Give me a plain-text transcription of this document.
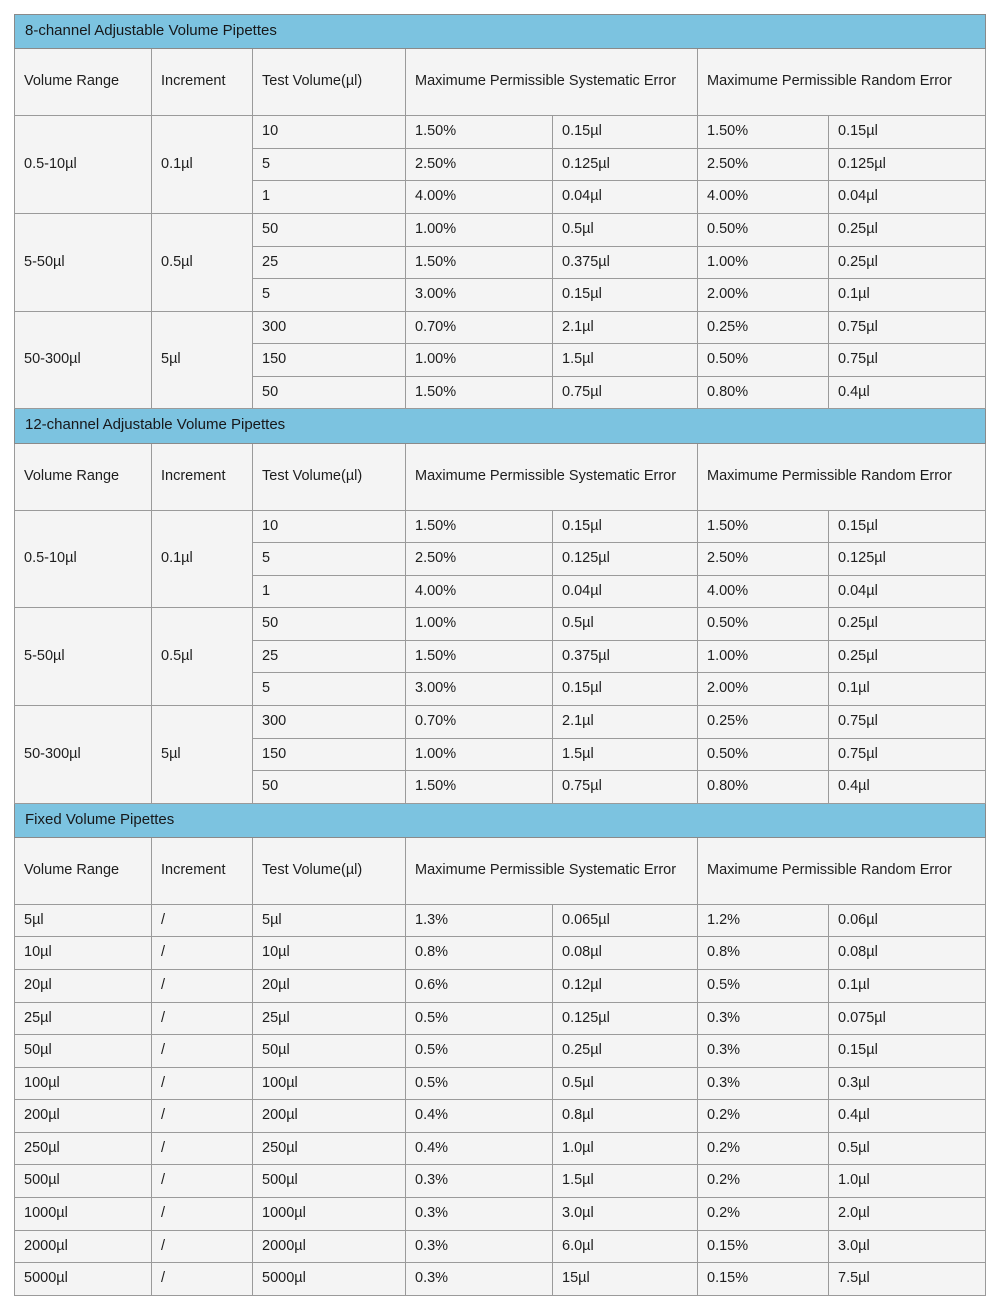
8-channel Adjustable Volume Pipettes						
Volume Range	Increment	Test Volume(µl)	Maximume Permissible Systematic Error		Maximume Permissible Random Error	
0.5-10µl	0.1µl	10	1.50%	0.15µl	1.50%	0.15µl
		5	2.50%	0.125µl	2.50%	0.125µl
		1	4.00%	0.04µl	4.00%	0.04µl
5-50µl	0.5µl	50	1.00%	0.5µl	0.50%	0.25µl
		25	1.50%	0.375µl	1.00%	0.25µl
		5	3.00%	0.15µl	2.00%	0.1µl
50-300µl	5µl	300	0.70%	2.1µl	0.25%	0.75µl
		150	1.00%	1.5µl	0.50%	0.75µl
		50	1.50%	0.75µl	0.80%	0.4µl
12-channel Adjustable Volume Pipettes						
Volume Range	Increment	Test Volume(µl)	Maximume Permissible Systematic Error		Maximume Permissible Random Error	
0.5-10µl	0.1µl	10	1.50%	0.15µl	1.50%	0.15µl
		5	2.50%	0.125µl	2.50%	0.125µl
		1	4.00%	0.04µl	4.00%	0.04µl
5-50µl	0.5µl	50	1.00%	0.5µl	0.50%	0.25µl
		25	1.50%	0.375µl	1.00%	0.25µl
		5	3.00%	0.15µl	2.00%	0.1µl
50-300µl	5µl	300	0.70%	2.1µl	0.25%	0.75µl
		150	1.00%	1.5µl	0.50%	0.75µl
		50	1.50%	0.75µl	0.80%	0.4µl
Fixed Volume Pipettes						
Volume Range	Increment	Test Volume(µl)	Maximume Permissible Systematic Error		Maximume Permissible Random Error	
5µl	/	5µl	1.3%	0.065µl	1.2%	0.06µl
10µl	/	10µl	0.8%	0.08µl	0.8%	0.08µl
20µl	/	20µl	0.6%	0.12µl	0.5%	0.1µl
25µl	/	25µl	0.5%	0.125µl	0.3%	0.075µl
50µl	/	50µl	0.5%	0.25µl	0.3%	0.15µl
100µl	/	100µl	0.5%	0.5µl	0.3%	0.3µl
200µl	/	200µl	0.4%	0.8µl	0.2%	0.4µl
250µl	/	250µl	0.4%	1.0µl	0.2%	0.5µl
500µl	/	500µl	0.3%	1.5µl	0.2%	1.0µl
1000µl	/	1000µl	0.3%	3.0µl	0.2%	2.0µl
2000µl	/	2000µl	0.3%	6.0µl	0.15%	3.0µl
5000µl	/	5000µl	0.3%	15µl	0.15%	7.5µl
